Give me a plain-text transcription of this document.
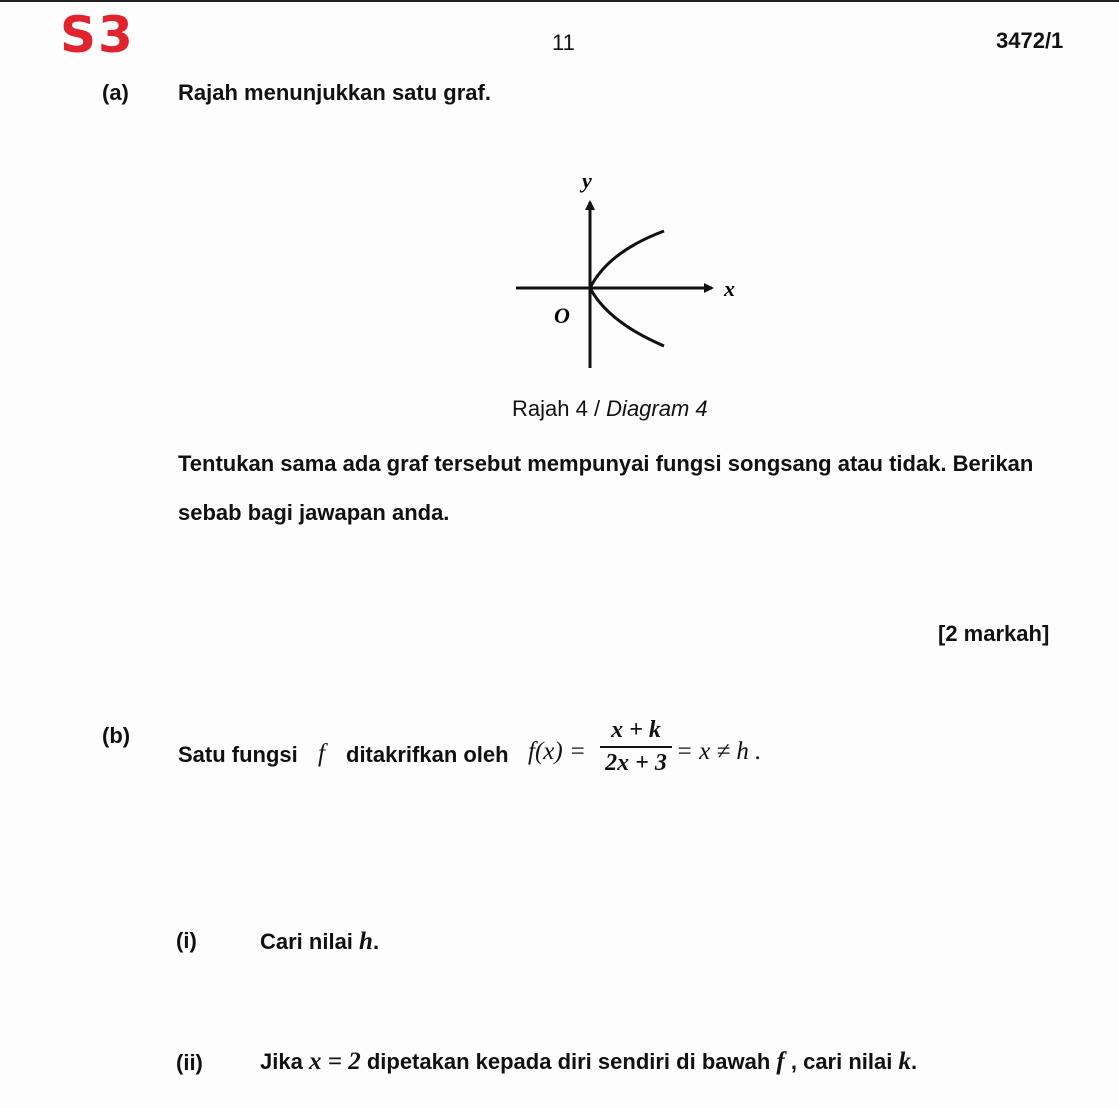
S3	11	3472/1
(a) Rajah menunjukkan satu graf.
y
x
O
Rajah 4 / Diagram 4
Tentukan sama ada graf tersebut mempunyai fungsi songsang atau tidak. Berikan
sebab bagi jawapan anda.
[2 markah]
(b)
Satu fungsi f ditakrifkan oleh f(x) =
x + k
2x + 3 = x ≠ h .
(i)	Cari nilai h.
(ii)	Jika x = 2 dipetakan kepada diri sendiri di bawah f , cari nilai k.
